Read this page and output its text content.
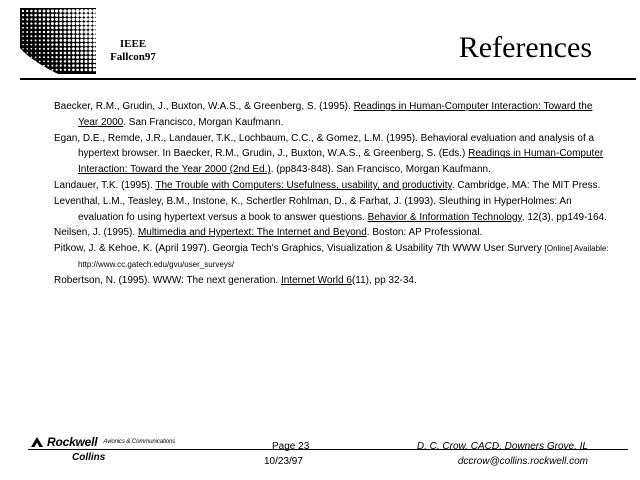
IEEE
Fallcon97	References

Baecker, R.M., Grudin, J., Buxton, W.A.S., & Greenberg, S. (1995). Readings in Human-Computer Interaction: Toward the Year 2000. San Francisco, Morgan Kaufmann.

Egan, D.E., Remde, J.R., Landauer, T.K., Lochbaum, C.C., & Gomez, L.M. (1995). Behavioral evaluation and analysis of a hypertext browser. In Baecker, R.M., Grudin, J., Buxton, W.A.S., & Greenberg, S. (Eds.) Readings in Human-Computer Interaction: Toward the Year 2000 (2nd Ed.). (pp843-848). San Francisco, Morgan Kaufmann.

Landauer, T.K. (1995). The Trouble with Computers: Usefulness, usability, and productivity. Cambridge, MA: The MIT Press.

Leventhal, L.M., Teasley, B.M., Instone, K., Schertler Rohlman, D., & Farhat, J. (1993). Sleuthing in HyperHolmes: An evaluation fo using hypertext versus a book to answer questions. Behavior & Information Technology, 12(3), pp149-164.

Neilsen, J. (1995). Multimedia and Hypertext: The Internet and Beyond. Boston: AP Professional.

Pitkow, J. & Kehoe, K. (April 1997). Georgia Tech's Graphics, Visualization & Usability 7th WWW User Survery [Online] Available: http://www.cc.gatech.edu/gvu/user_surveys/

Robertson, N. (1995). WWW: The next generation. Internet World 6(11), pp 32-34.

Rockwell Avionics & Communications
Collins
Page 23
10/23/97
D. C. Crow, CACD, Downers Grove, IL
dccrow@collins.rockwell.com
